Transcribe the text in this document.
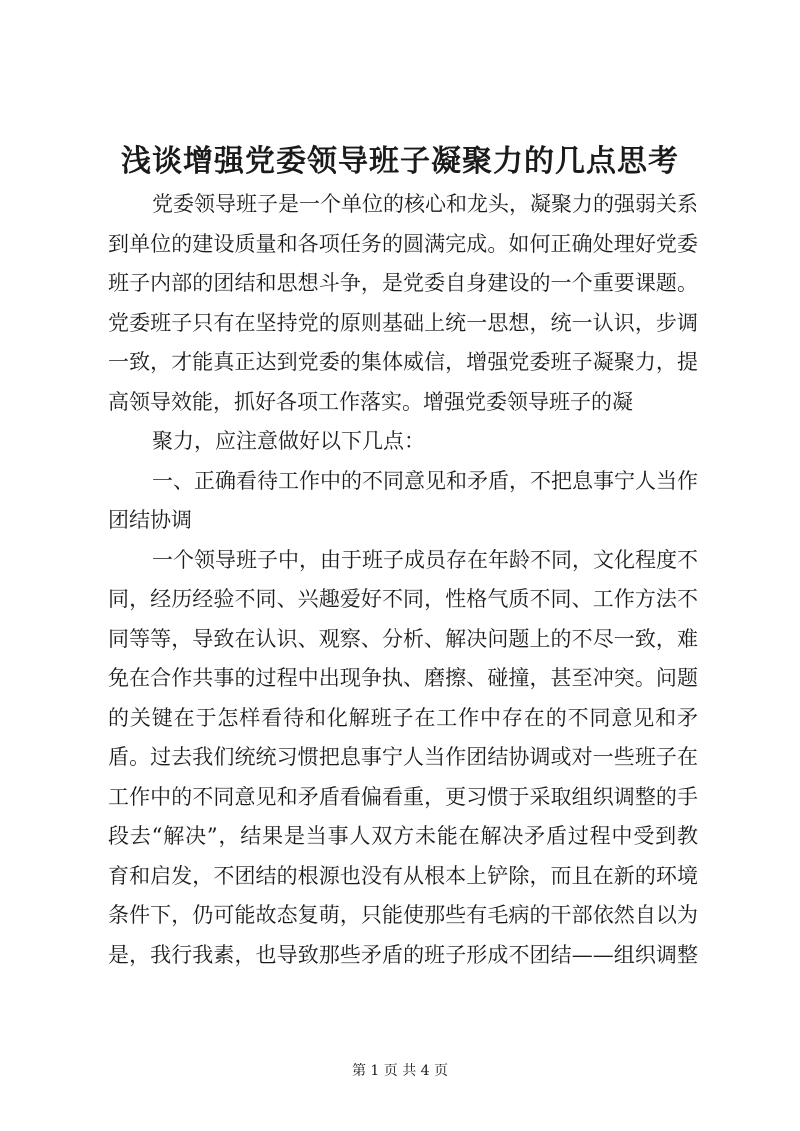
浅谈增强党委领导班子凝聚力的几点思考
党委领导班子是一个单位的核心和龙头，凝聚力的强弱关系
到单位的建设质量和各项任务的圆满完成。如何正确处理好党委
班子内部的团结和思想斗争，是党委自身建设的一个重要课题。
党委班子只有在坚持党的原则基础上统一思想，统一认识，步调
一致，才能真正达到党委的集体威信，增强党委班子凝聚力，提
高领导效能，抓好各项工作落实。增强党委领导班子的凝
聚力，应注意做好以下几点：
一、正确看待工作中的不同意见和矛盾，不把息事宁人当作
团结协调
一个领导班子中，由于班子成员存在年龄不同，文化程度不
同，经历经验不同、兴趣爱好不同，性格气质不同、工作方法不
同等等，导致在认识、观察、分析、解决问题上的不尽一致，难
免在合作共事的过程中出现争执、磨擦、碰撞，甚至冲突。问题
的关键在于怎样看待和化解班子在工作中存在的不同意见和矛
盾。过去我们统统习惯把息事宁人当作团结协调或对一些班子在
工作中的不同意见和矛盾看偏看重，更习惯于采取组织调整的手
段去“解决”，结果是当事人双方未能在解决矛盾过程中受到教
育和启发，不团结的根源也没有从根本上铲除，而且在新的环境
条件下，仍可能故态复萌，只能使那些有毛病的干部依然自以为
是，我行我素，也导致那些矛盾的班子形成不团结——组织调整
第 1 页 共 4 页
